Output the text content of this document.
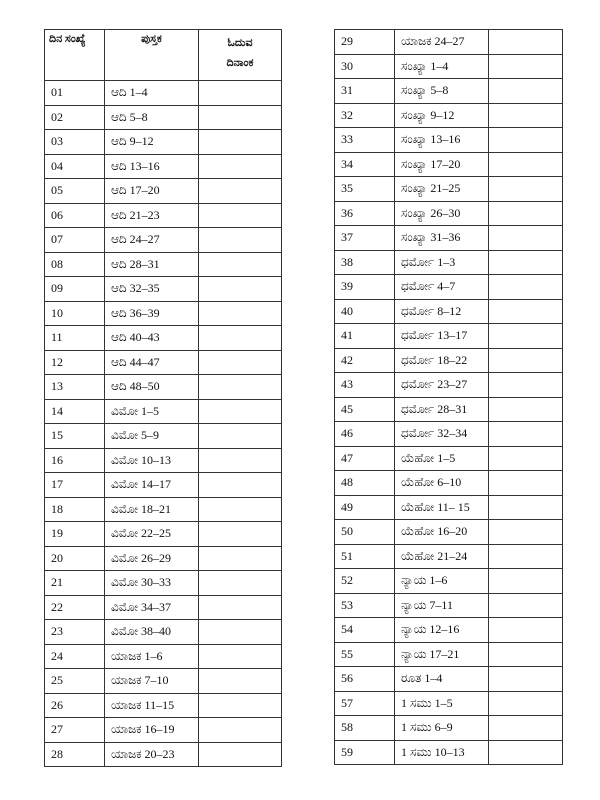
ದಿನ ಸಂಖ್ಯೆ	ಪುಸ್ತಕ	ಓದುವ
ದಿನಾಂಕ
01	ಆದಿ 1–4	
02	ಆದಿ 5–8	
03	ಆದಿ 9–12	
04	ಆದಿ 13–16	
05	ಆದಿ 17–20	
06	ಆದಿ 21–23	
07	ಆದಿ 24–27	
08	ಆದಿ 28–31	
09	ಆದಿ 32–35	
10	ಆದಿ 36–39	
11	ಆದಿ 40–43	
12	ಆದಿ 44–47	
13	ಆದಿ 48–50	
14	ವಿಮೋ 1–5	
15	ವಿಮೋ 5–9	
16	ವಿಮೋ 10–13	
17	ವಿಮೋ 14–17	
18	ವಿಮೋ 18–21	
19	ವಿಮೋ 22–25	
20	ವಿಮೋ 26–29	
21	ವಿಮೋ 30–33	
22	ವಿಮೋ 34–37	
23	ವಿಮೋ 38–40	
24	ಯಾಜಕ 1–6	
25	ಯಾಜಕ 7–10	
26	ಯಾಜಕ 11–15	
27	ಯಾಜಕ 16–19	
28	ಯಾಜಕ 20–23	
29	ಯಾಜಕ 24–27	
30	ಸಂಖ್ಯಾ 1–4	
31	ಸಂಖ್ಯಾ 5–8	
32	ಸಂಖ್ಯಾ 9–12	
33	ಸಂಖ್ಯಾ 13–16	
34	ಸಂಖ್ಯಾ 17–20	
35	ಸಂಖ್ಯಾ 21–25	
36	ಸಂಖ್ಯಾ 26–30	
37	ಸಂಖ್ಯಾ 31–36	
38	ಧರ್ಮೋ 1–3	
39	ಧರ್ಮೋ 4–7	
40	ಧರ್ಮೋ 8–12	
41	ಧರ್ಮೋ 13–17	
42	ಧರ್ಮೋ 18–22	
43	ಧರ್ಮೋ 23–27	
45	ಧರ್ಮೋ 28–31	
46	ಧರ್ಮೋ 32–34	
47	ಯೆಹೋ 1–5	
48	ಯೆಹೋ 6–10	
49	ಯೆಹೋ 11– 15	
50	ಯೆಹೋ 16–20	
51	ಯೆಹೋ 21–24	
52	ನ್ಯಾಯ 1–6	
53	ನ್ಯಾಯ 7–11	
54	ನ್ಯಾಯ 12–16	
55	ನ್ಯಾಯ 17–21	
56	ರೂತ 1–4	
57	1 ಸಮು 1–5	
58	1 ಸಮು 6–9	
59	1 ಸಮು 10–13	
